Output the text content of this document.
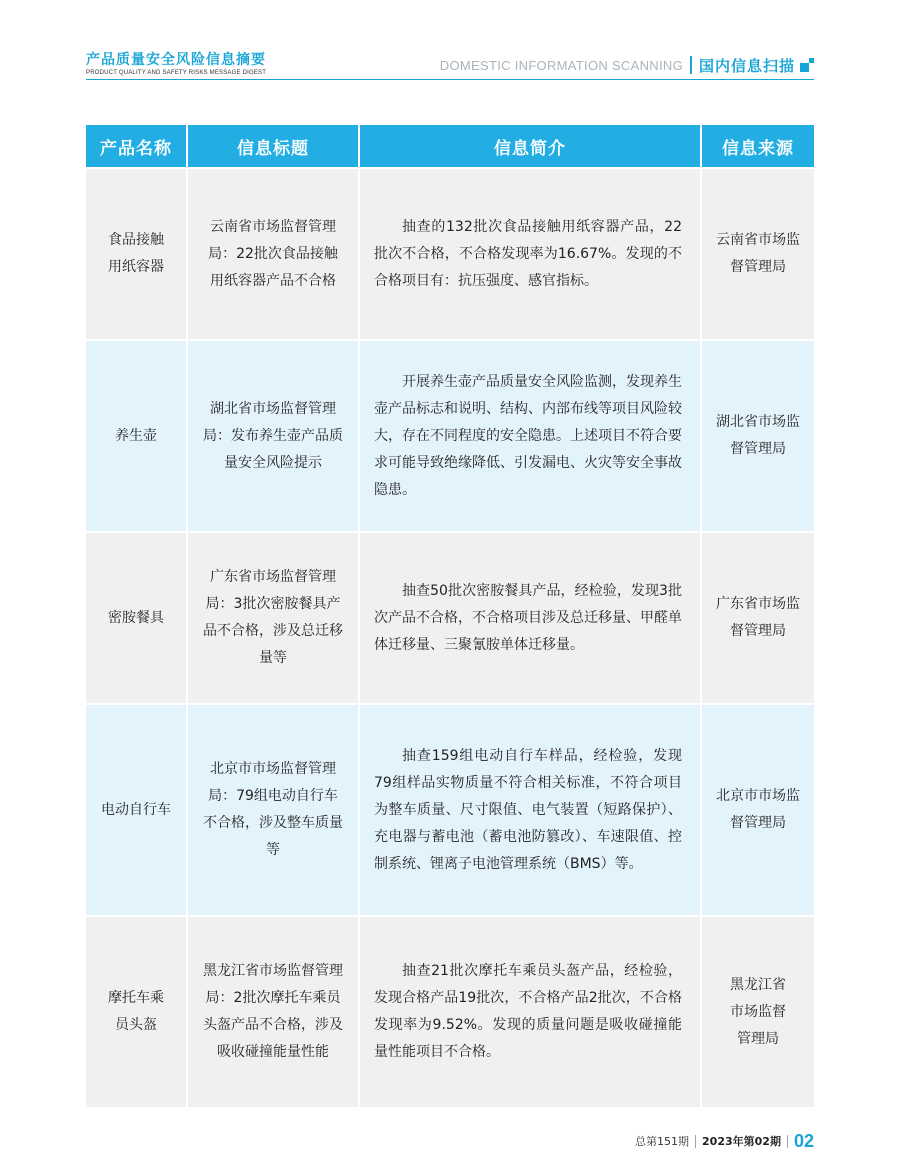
产品质量安全风险信息摘要
PRODUCT QUALITY AND SAFETY RISKS MESSAGE DIGEST
DOMESTIC INFORMATION SCANNING 国内信息扫描
产品名称	信息标题	信息简介	信息来源
食品接触用纸容器	云南省市场监督管理局：22批次食品接触用纸容器产品不合格	抽查的132批次食品接触用纸容器产品，22批次不合格，不合格发现率为16.67%。发现的不合格项目有：抗压强度、感官指标。	云南省市场监督管理局
养生壶	湖北省市场监督管理局：发布养生壶产品质量安全风险提示	开展养生壶产品质量安全风险监测，发现养生壶产品标志和说明、结构、内部布线等项目风险较大，存在不同程度的安全隐患。上述项目不符合要求可能导致绝缘降低、引发漏电、火灾等安全事故隐患。	湖北省市场监督管理局
密胺餐具	广东省市场监督管理局：3批次密胺餐具产品不合格，涉及总迁移量等	抽查50批次密胺餐具产品，经检验，发现3批次产品不合格，不合格项目涉及总迁移量、甲醛单体迁移量、三聚氰胺单体迁移量。	广东省市场监督管理局
电动自行车	北京市市场监督管理局：79组电动自行车不合格，涉及整车质量等	抽查159组电动自行车样品，经检验，发现79组样品实物质量不符合相关标准，不符合项目为整车质量、尺寸限值、电气装置（短路保护）、充电器与蓄电池（蓄电池防篡改）、车速限值、控制系统、锂离子电池管理系统（BMS）等。	北京市市场监督管理局
摩托车乘员头盔	黑龙江省市场监督管理局：2批次摩托车乘员头盔产品不合格，涉及吸收碰撞能量性能	抽查21批次摩托车乘员头盔产品，经检验，发现合格产品19批次，不合格产品2批次，不合格发现率为9.52%。发现的质量问题是吸收碰撞能量性能项目不合格。	黑龙江省市场监督管理局
总第151期 2023年第02期 02
